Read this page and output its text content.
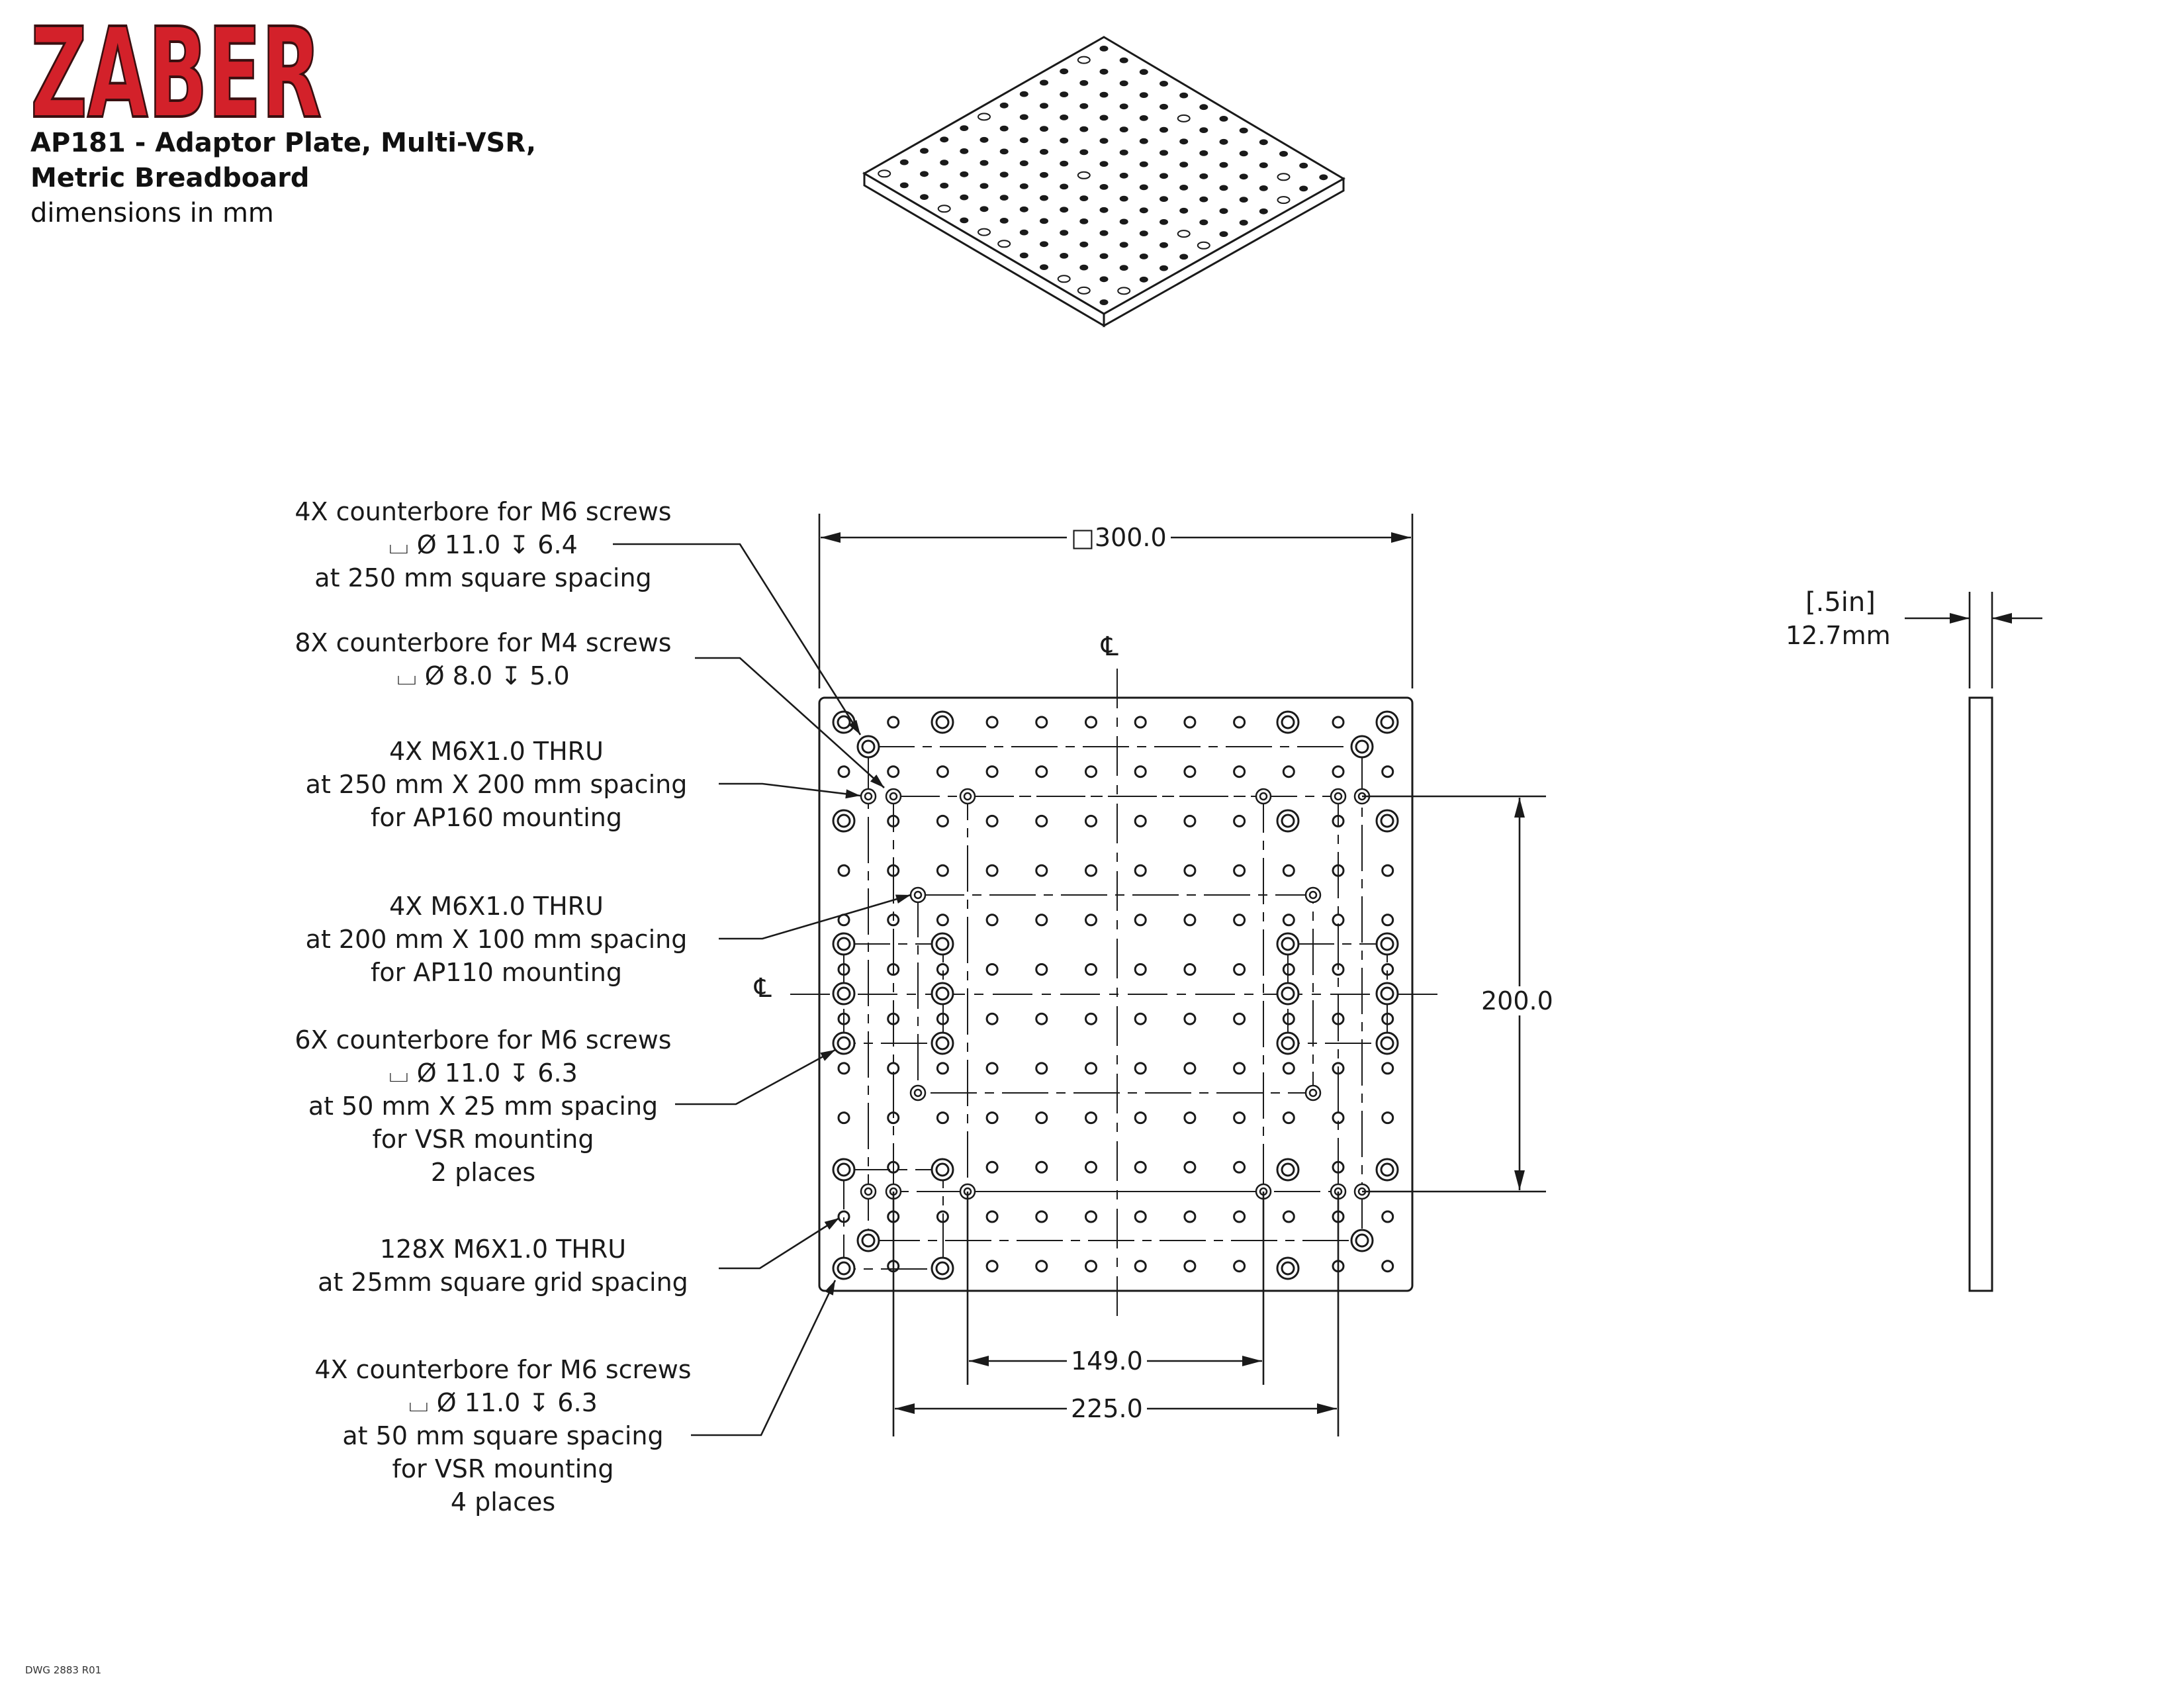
ZABER
AP181 - Adaptor Plate, Multi-VSR,
Metric Breadboard
dimensions in mm
4X counterbore for M6 screws
⌴ Ø 11.0 ↧ 6.4
at 250 mm square spacing
8X counterbore for M4 screws
⌴ Ø 8.0 ↧ 5.0
4X M6X1.0 THRU
at 250 mm X 200 mm spacing
for AP160 mounting
4X M6X1.0 THRU
at 200 mm X 100 mm spacing
for AP110 mounting
6X counterbore for M6 screws
⌴ Ø 11.0 ↧ 6.3
at 50 mm X 25 mm spacing
for VSR mounting
2 places
128X M6X1.0 THRU
at 25mm square grid spacing
4X counterbore for M6 screws
⌴ Ø 11.0 ↧ 6.3
at 50 mm square spacing
for VSR mounting
4 places
□300.0
200.0
149.0
225.0
[.5in]
12.7mm
℄
℄
DWG 2883 R01
